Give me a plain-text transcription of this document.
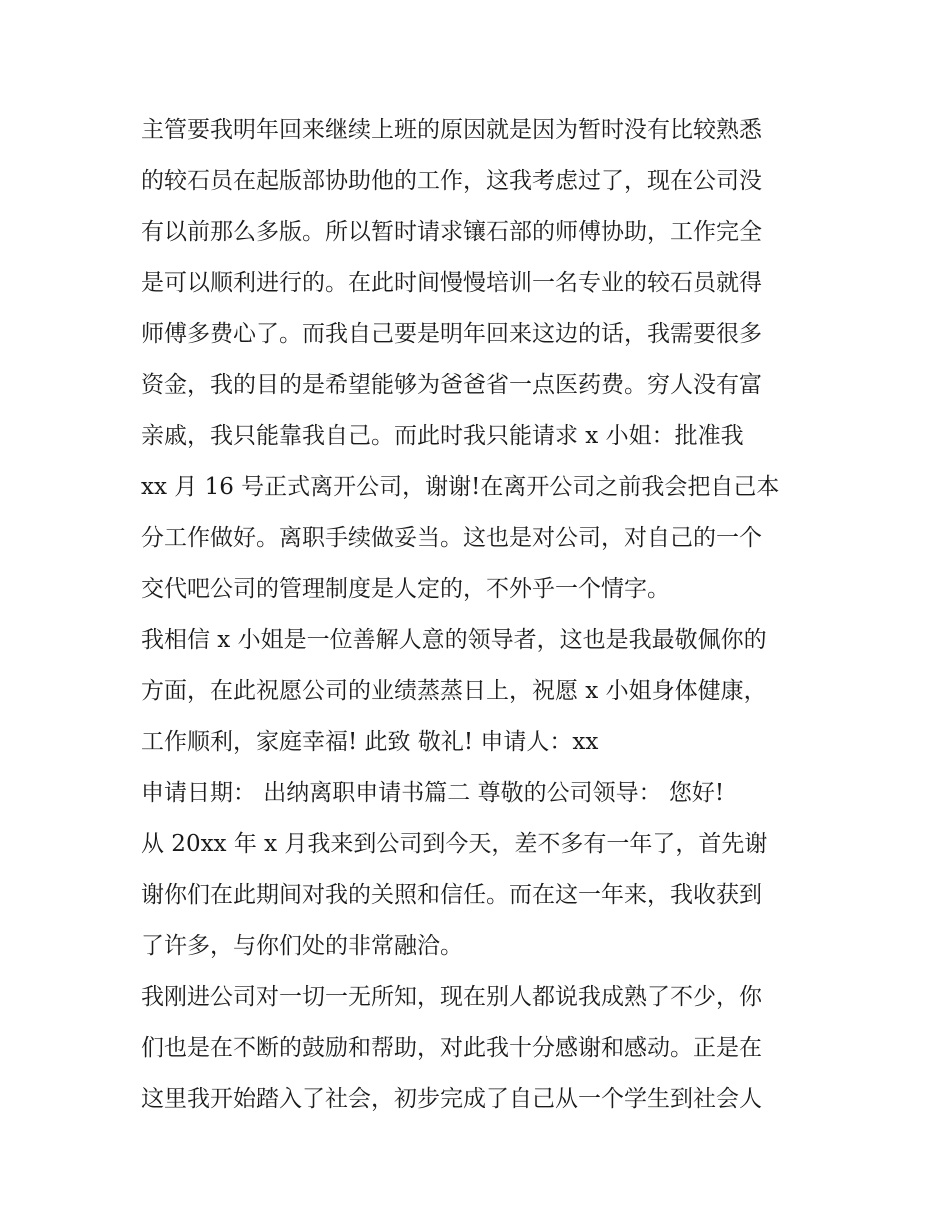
主管要我明年回来继续上班的原因就是因为暂时没有比较熟悉
的较石员在起版部协助他的工作，这我考虑过了，现在公司没
有以前那么多版。所以暂时请求镶石部的师傅协助，工作完全
是可以顺利进行的。在此时间慢慢培训一名专业的较石员就得
师傅多费心了。而我自己要是明年回来这边的话，我需要很多
资金，我的目的是希望能够为爸爸省一点医药费。穷人没有富
亲戚，我只能靠我自己。而此时我只能请求 x 小姐：批准我
xx 月 16 号正式离开公司，谢谢!在离开公司之前我会把自己本
分工作做好。离职手续做妥当。这也是对公司，对自己的一个
交代吧公司的管理制度是人定的，不外乎一个情字。
我相信 x 小姐是一位善解人意的领导者，这也是我最敬佩你的
方面，在此祝愿公司的业绩蒸蒸日上，祝愿 x 小姐身体健康，
工作顺利，家庭幸福! 此致 敬礼! 申请人：xx
申请日期： 出纳离职申请书篇二 尊敬的公司领导： 您好!
从 20xx 年 x 月我来到公司到今天，差不多有一年了，首先谢
谢你们在此期间对我的关照和信任。而在这一年来，我收获到
了许多，与你们处的非常融洽。
我刚进公司对一切一无所知，现在别人都说我成熟了不少，你
们也是在不断的鼓励和帮助，对此我十分感谢和感动。正是在
这里我开始踏入了社会，初步完成了自己从一个学生到社会人
